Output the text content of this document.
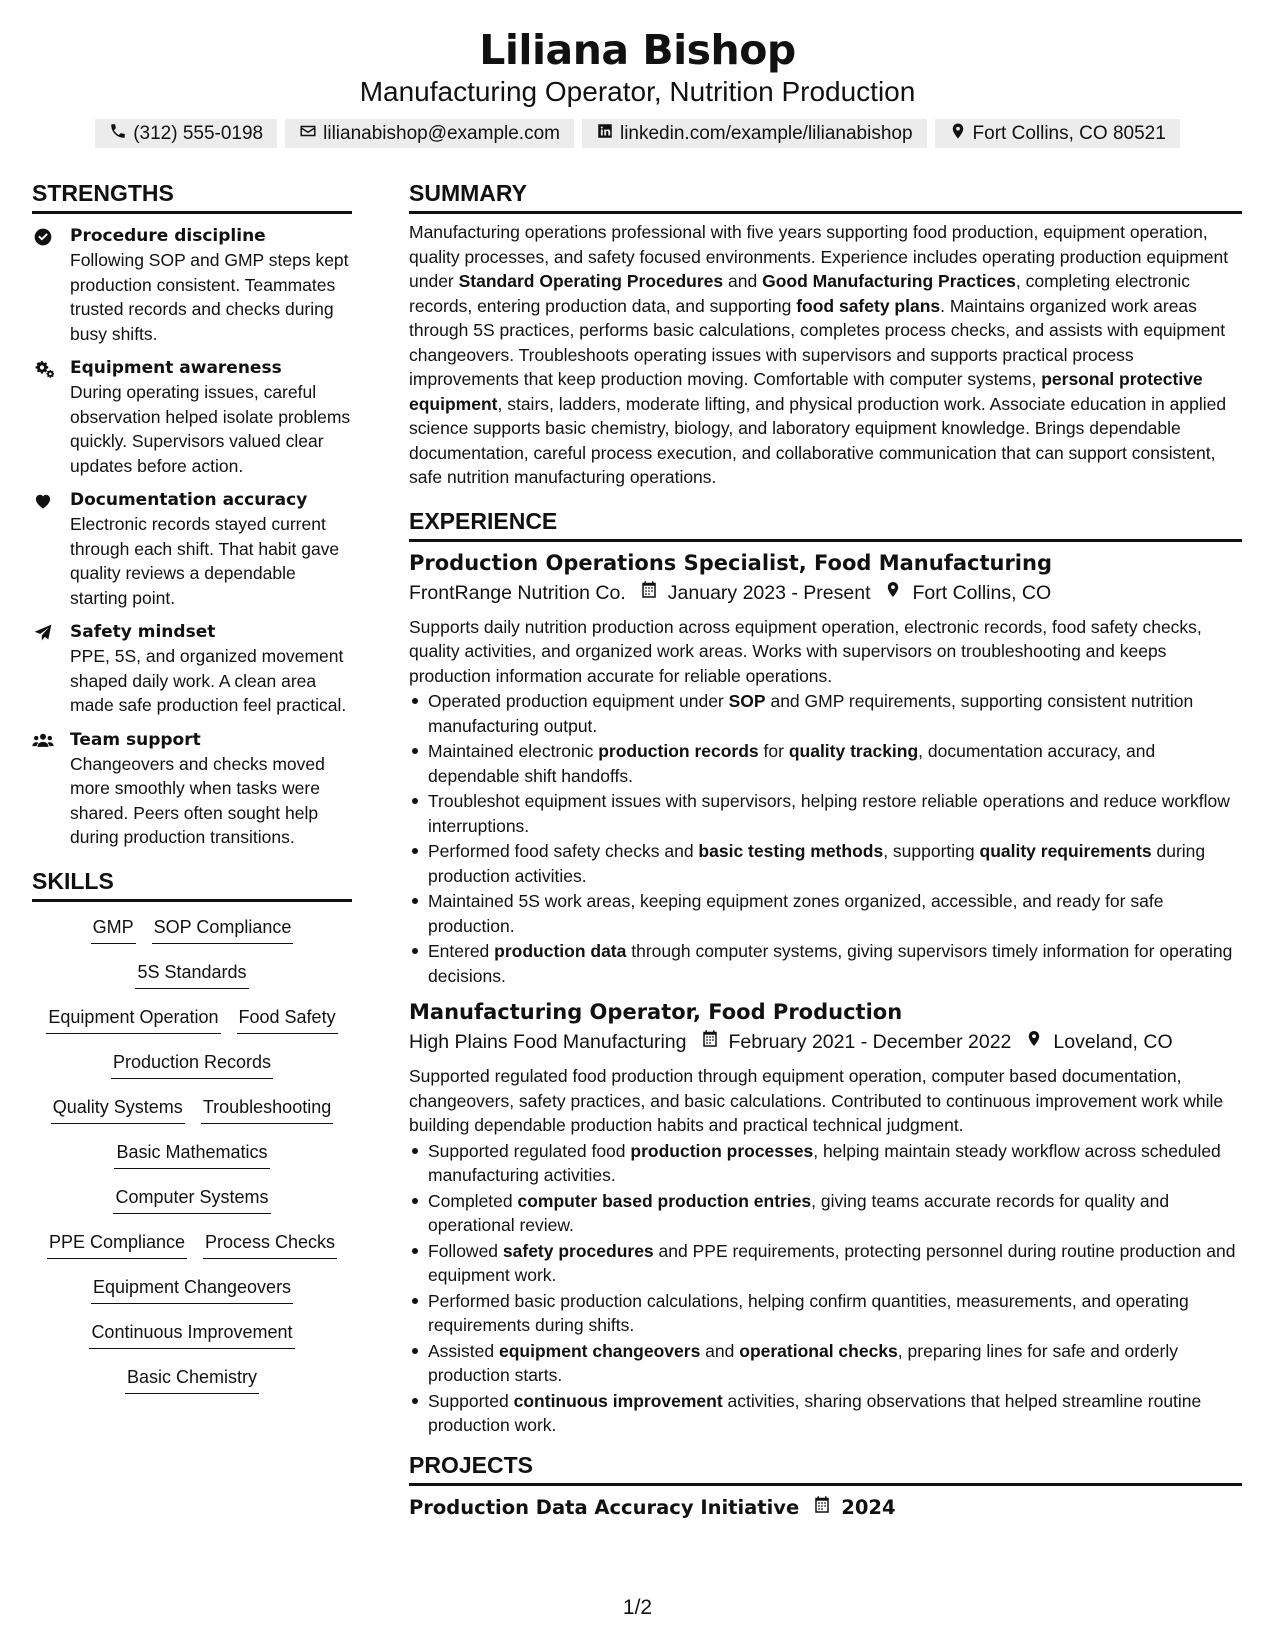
Liliana Bishop
Manufacturing Operator, Nutrition Production
(312) 555-0198	lilianabishop@example.com	linkedin.com/example/lilianabishop	Fort Collins, CO 80521
STRENGTHS
Procedure discipline
Following SOP and GMP steps kept production consistent. Teammates trusted records and checks during busy shifts.
Equipment awareness
During operating issues, careful observation helped isolate problems quickly. Supervisors valued clear updates before action.
Documentation accuracy
Electronic records stayed current through each shift. That habit gave quality reviews a dependable starting point.
Safety mindset
PPE, 5S, and organized movement shaped daily work. A clean area made safe production feel practical.
Team support
Changeovers and checks moved more smoothly when tasks were shared. Peers often sought help during production transitions.
SKILLS
GMP SOP Compliance
5S Standards
Equipment Operation Food Safety
Production Records
Quality Systems Troubleshooting
Basic Mathematics
Computer Systems
PPE Compliance Process Checks
Equipment Changeovers
Continuous Improvement
Basic Chemistry
SUMMARY

Manufacturing operations professional with five years supporting food production, equipment operation, quality processes, and safety focused environments. Experience includes operating production equipment under Standard Operating Procedures and Good Manufacturing Practices, completing electronic records, entering production data, and supporting food safety plans. Maintains organized work areas through 5S practices, performs basic calculations, completes process checks, and assists with equipment changeovers. Troubleshoots operating issues with supervisors and supports practical process improvements that keep production moving. Comfortable with computer systems, personal protective equipment, stairs, ladders, moderate lifting, and physical production work. Associate education in applied science supports basic chemistry, biology, and laboratory equipment knowledge. Brings dependable documentation, careful process execution, and collaborative communication that can support consistent, safe nutrition manufacturing operations.

EXPERIENCE
Production Operations Specialist, Food Manufacturing
FrontRange Nutrition Co. January 2023 - Present Fort Collins, CO

Supports daily nutrition production across equipment operation, electronic records, food safety checks, quality activities, and organized work areas. Works with supervisors on troubleshooting and keeps production information accurate for reliable operations.

Operated production equipment under SOP and GMP requirements, supporting consistent nutrition manufacturing output.
Maintained electronic production records for quality tracking, documentation accuracy, and dependable shift handoffs.
Troubleshot equipment issues with supervisors, helping restore reliable operations and reduce workflow interruptions.
Performed food safety checks and basic testing methods, supporting quality requirements during production activities.
Maintained 5S work areas, keeping equipment zones organized, accessible, and ready for safe production.
Entered production data through computer systems, giving supervisors timely information for operating decisions.
Manufacturing Operator, Food Production
High Plains Food Manufacturing February 2021 - December 2022 Loveland, CO

Supported regulated food production through equipment operation, computer based documentation, changeovers, safety practices, and basic calculations. Contributed to continuous improvement work while building dependable production habits and practical technical judgment.

Supported regulated food production processes, helping maintain steady workflow across scheduled manufacturing activities.
Completed computer based production entries, giving teams accurate records for quality and operational review.
Followed safety procedures and PPE requirements, protecting personnel during routine production and equipment work.
Performed basic production calculations, helping confirm quantities, measurements, and operating requirements during shifts.
Assisted equipment changeovers and operational checks, preparing lines for safe and orderly production starts.
Supported continuous improvement activities, sharing observations that helped streamline routine production work.
PROJECTS
Production Data Accuracy Initiative 2024
1/2
